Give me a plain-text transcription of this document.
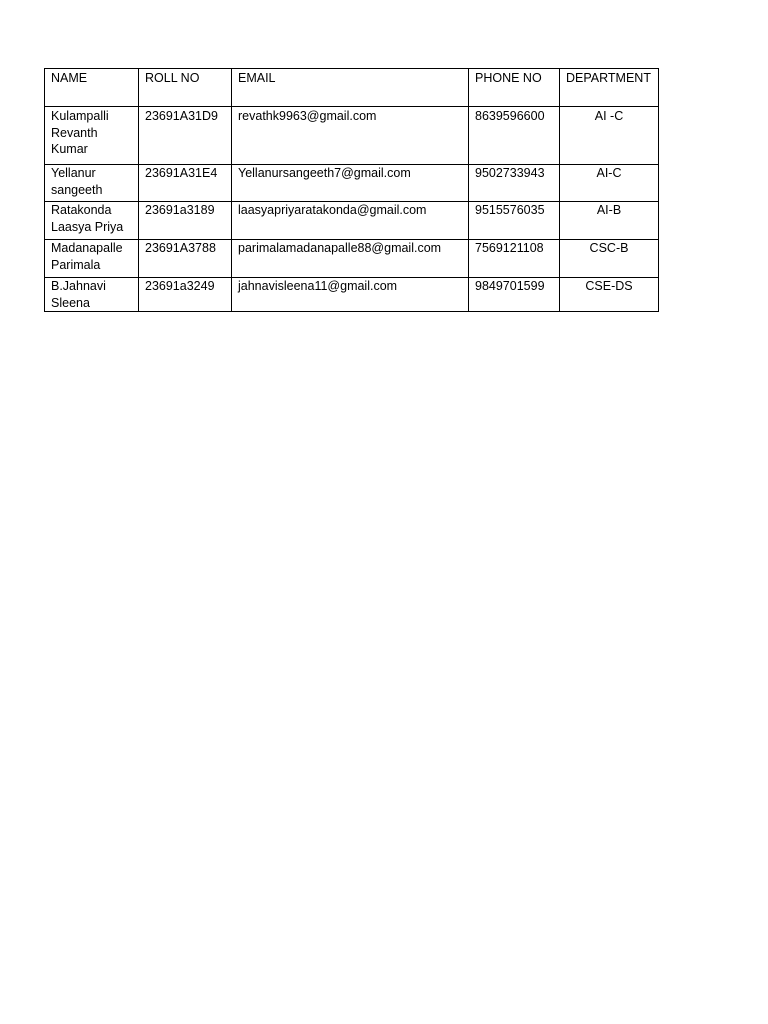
NAME	ROLL NO	EMAIL	PHONE NO	DEPARTMENT

Kulampalli
Revanth
Kumar	23691A31D9	revathk9963@gmail.com	8639596600	AI -C

Yellanur
sangeeth	23691A31E4	Yellanursangeeth7@gmail.com	9502733943	AI-C

Ratakonda
Laasya Priya	23691a3189	laasyapriyaratakonda@gmail.com	9515576035	AI-B

Madanapalle
Parimala	23691A3788	parimalamadanapalle88@gmail.com	7569121108	CSC-B

B.Jahnavi
Sleena	23691a3249	jahnavisleena11@gmail.com	9849701599	CSE-DS
